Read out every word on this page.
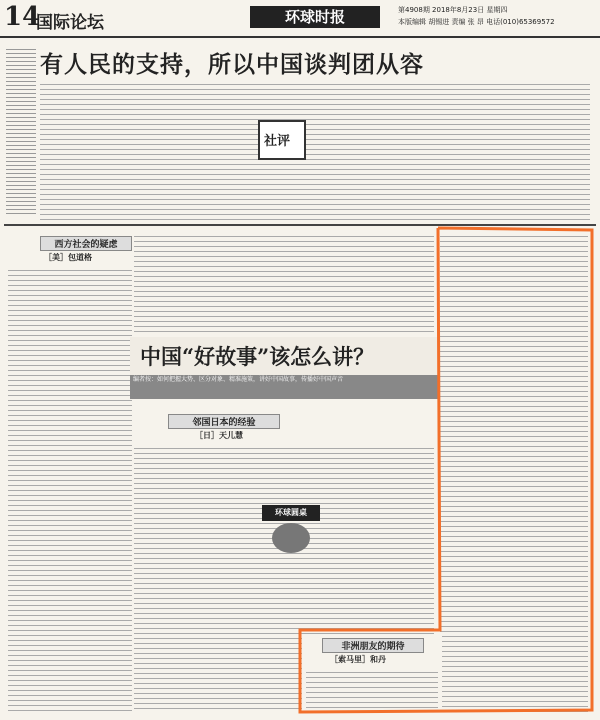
14
国际论坛	环球时报	第4908期 2018年8月23日 星期四
本版编辑 胡锡进 责编 张 昂 电话(010)65369572
有人民的支持，所以中国谈判团从容
社评
西方社会的疑虑
［美］包道格
中国“好故事”该怎么讲？
编者按：如何把握大势、区分对象、精准施策，讲好中国故事，传播好中国声音
邻国日本的经验
［日］天儿慧
环球圆桌
非洲朋友的期待
［索马里］和丹
